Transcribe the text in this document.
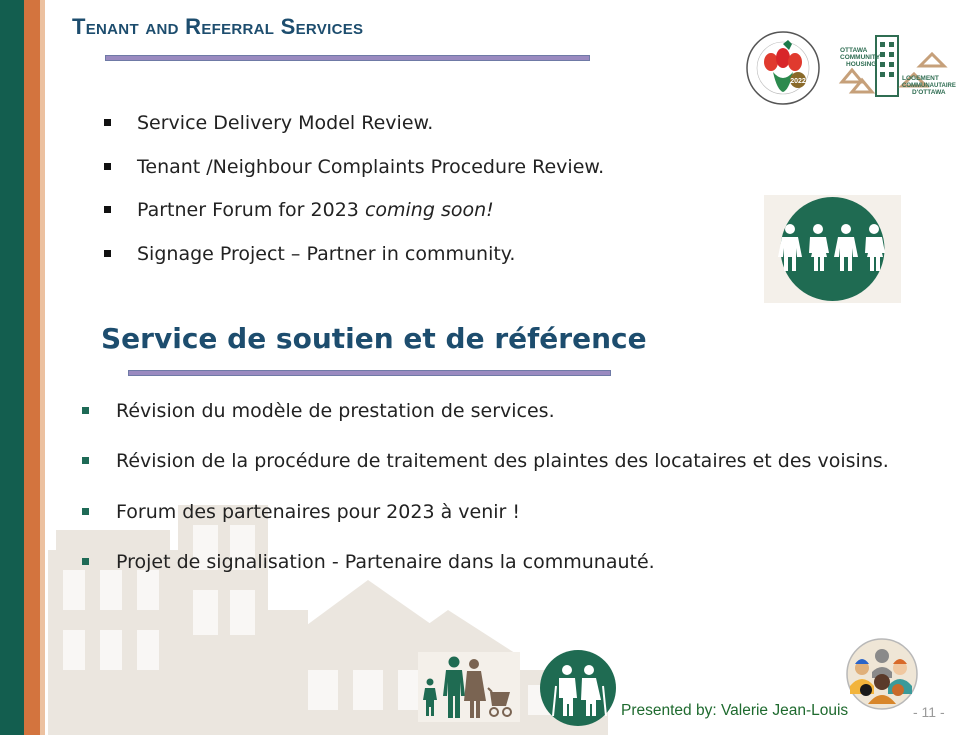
Tenant and Referral Services
Service Delivery Model Review.
Tenant /Neighbour Complaints Procedure Review.
Partner Forum for 2023 coming soon!
Signage Project – Partner in community.
Service de soutien et de référence
Révision du modèle de prestation de services.
Révision de la procédure de traitement des plaintes des locataires et des voisins.
Forum des partenaires pour 2023 à venir !
Projet de signalisation - Partenaire dans la communauté.
2022
OTTAWA
COMMUNITY
HOUSING
LOGEMENT
COMMUNAUTAIRE
D'OTTAWA
Presented by: Valerie Jean-Louis	- 11 -
